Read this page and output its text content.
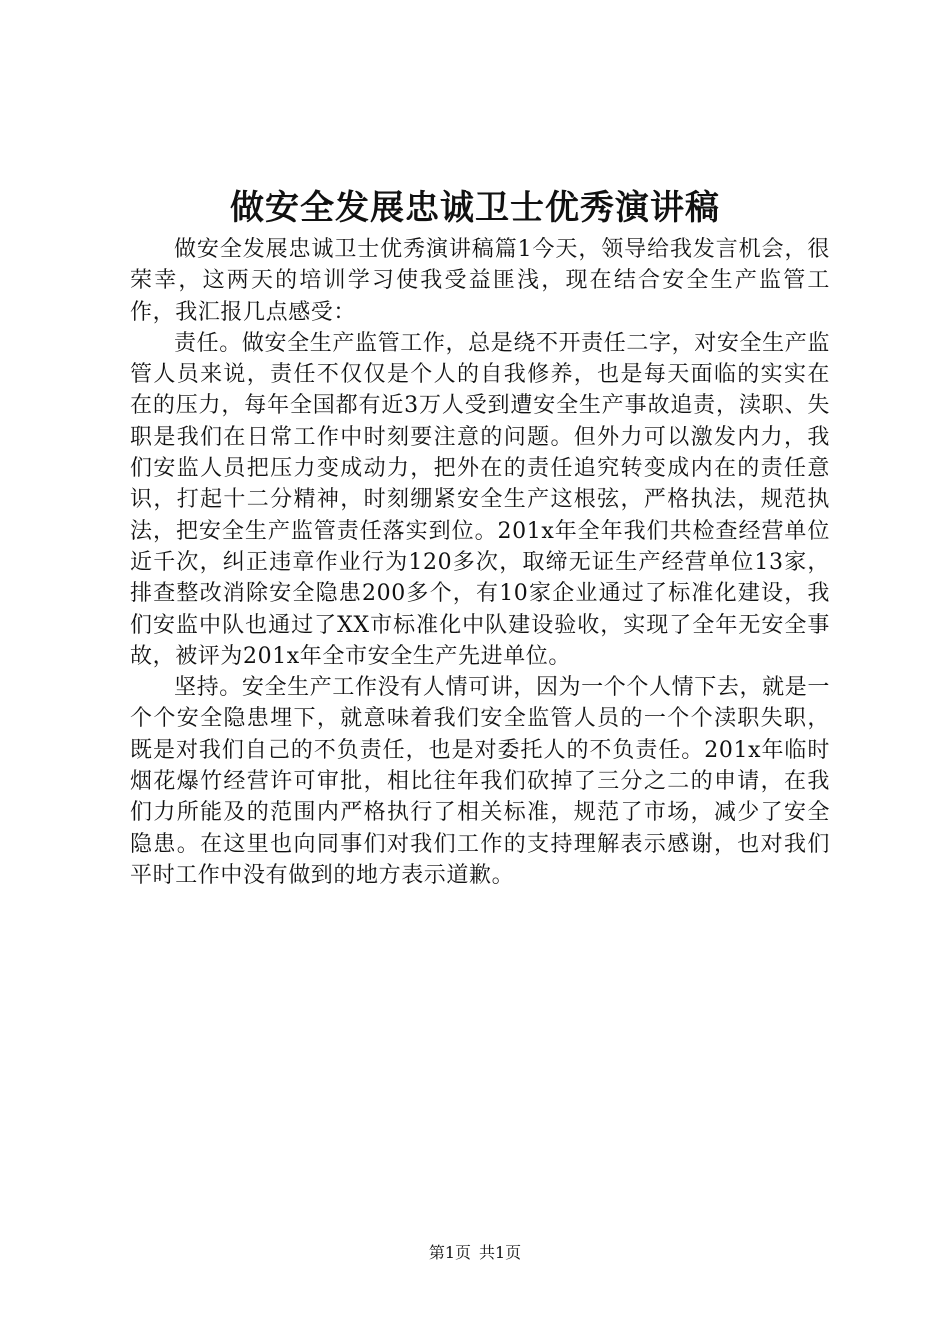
做安全发展忠诚卫士优秀演讲稿

做安全发展忠诚卫士优秀演讲稿篇1今天，领导给我发言机会，很荣幸，这两天的培训学习使我受益匪浅，现在结合安全生产监管工作，我汇报几点感受：

责任。做安全生产监管工作，总是绕不开责任二字，对安全生产监管人员来说，责任不仅仅是个人的自我修养，也是每天面临的实实在在的压力，每年全国都有近3万人受到遭安全生产事故追责，渎职、失职是我们在日常工作中时刻要注意的问题。但外力可以激发内力，我们安监人员把压力变成动力，把外在的责任追究转变成内在的责任意识，打起十二分精神，时刻绷紧安全生产这根弦，严格执法，规范执法，把安全生产监管责任落实到位。201x年全年我们共检查经营单位近千次，纠正违章作业行为120多次，取缔无证生产经营单位13家，排查整改消除安全隐患200多个，有10家企业通过了标准化建设，我们安监中队也通过了XX市标准化中队建设验收，实现了全年无安全事故，被评为201x年全市安全生产先进单位。

坚持。安全生产工作没有人情可讲，因为一个个人情下去，就是一个个安全隐患埋下，就意味着我们安全监管人员的一个个渎职失职，既是对我们自己的不负责任，也是对委托人的不负责任。201x年临时烟花爆竹经营许可审批，相比往年我们砍掉了三分之二的申请，在我们力所能及的范围内严格执行了相关标准，规范了市场，减少了安全隐患。在这里也向同事们对我们工作的支持理解表示感谢，也对我们平时工作中没有做到的地方表示道歉。

第1页 共1页
